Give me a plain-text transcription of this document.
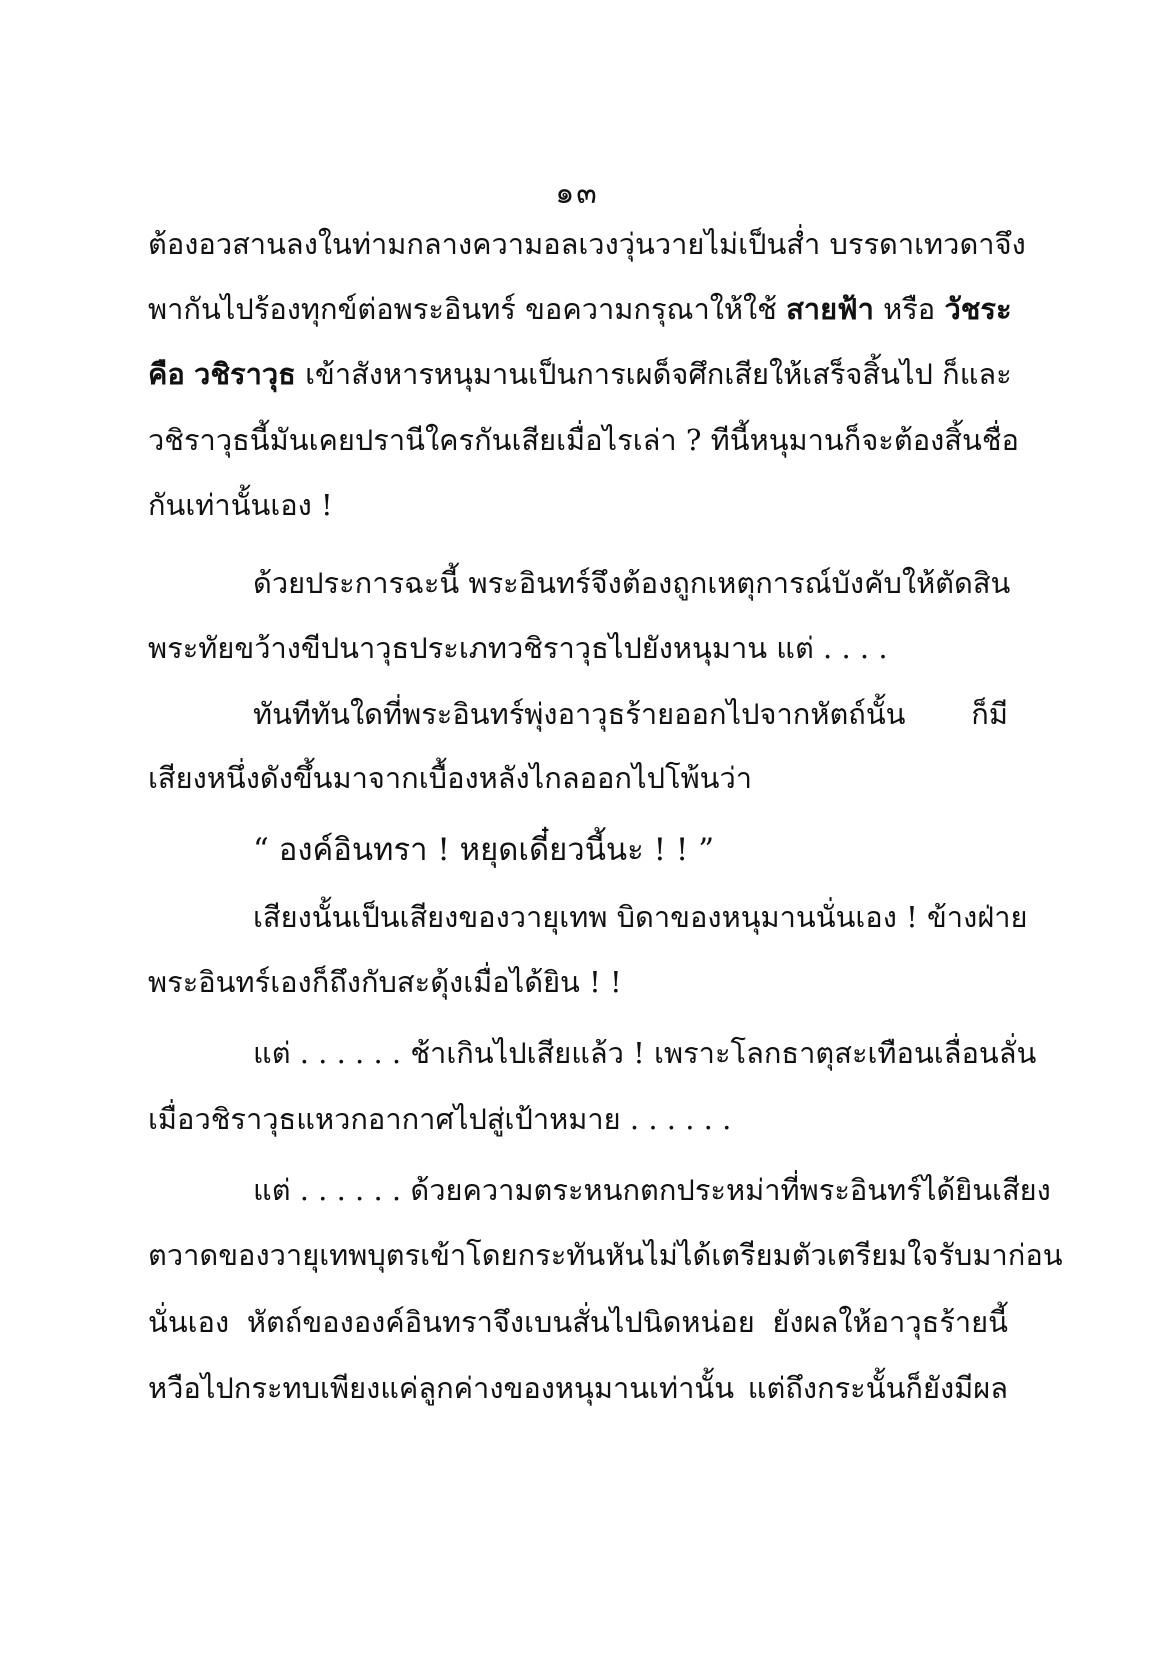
๑๓
ต้องอวสานลงในท่ามกลางความอลเวงวุ่นวายไม่เป็นส่ำ บรรดาเทวดาจึง
พากันไปร้องทุกข์ต่อพระอินทร์ ขอความกรุณาให้ใช้ สายฟ้า หรือ วัชระ
คือ วชิราวุธ เข้าสังหารหนุมานเป็นการเผด็จศึกเสียให้เสร็จสิ้นไป ก็และ
วชิราวุธนี้มันเคยปรานีใครกันเสียเมื่อไรเล่า ? ทีนี้หนุมานก็จะต้องสิ้นชื่อ
กันเท่านั้นเอง !
ด้วยประการฉะนี้ พระอินทร์จึงต้องถูกเหตุการณ์บังคับให้ตัดสิน
พระทัยขว้างขีปนาวุธประเภทวชิราวุธไปยังหนุมาน แต่ . . . .
ทันทีทันใดที่พระอินทร์พุ่งอาวุธร้ายออกไปจากหัตถ์นั้น ก็มี
เสียงหนึ่งดังขึ้นมาจากเบื้องหลังไกลออกไปโพ้นว่า
“ องค์อินทรา ! หยุดเดี๋ยวนี้นะ ! ! ”
เสียงนั้นเป็นเสียงของวายุเทพ บิดาของหนุมานนั่นเอง ! ข้างฝ่าย
พระอินทร์เองก็ถึงกับสะดุ้งเมื่อได้ยิน ! !
แต่ . . . . . . ช้าเกินไปเสียแล้ว ! เพราะโลกธาตุสะเทือนเลื่อนลั่น
เมื่อวชิราวุธแหวกอากาศไปสู่เป้าหมาย . . . . . .
แต่ . . . . . . ด้วยความตระหนกตกประหม่าที่พระอินทร์ได้ยินเสียง
ตวาดของวายุเทพบุตรเข้าโดยกระทันหันไม่ได้เตรียมตัวเตรียมใจรับมาก่อน
นั่นเอง หัตถ์ขององค์อินทราจึงเบนสั่นไปนิดหน่อย ยังผลให้อาวุธร้ายนี้
หวือไปกระทบเพียงแค่ลูกค่างของหนุมานเท่านั้น แต่ถึงกระนั้นก็ยังมีผล
